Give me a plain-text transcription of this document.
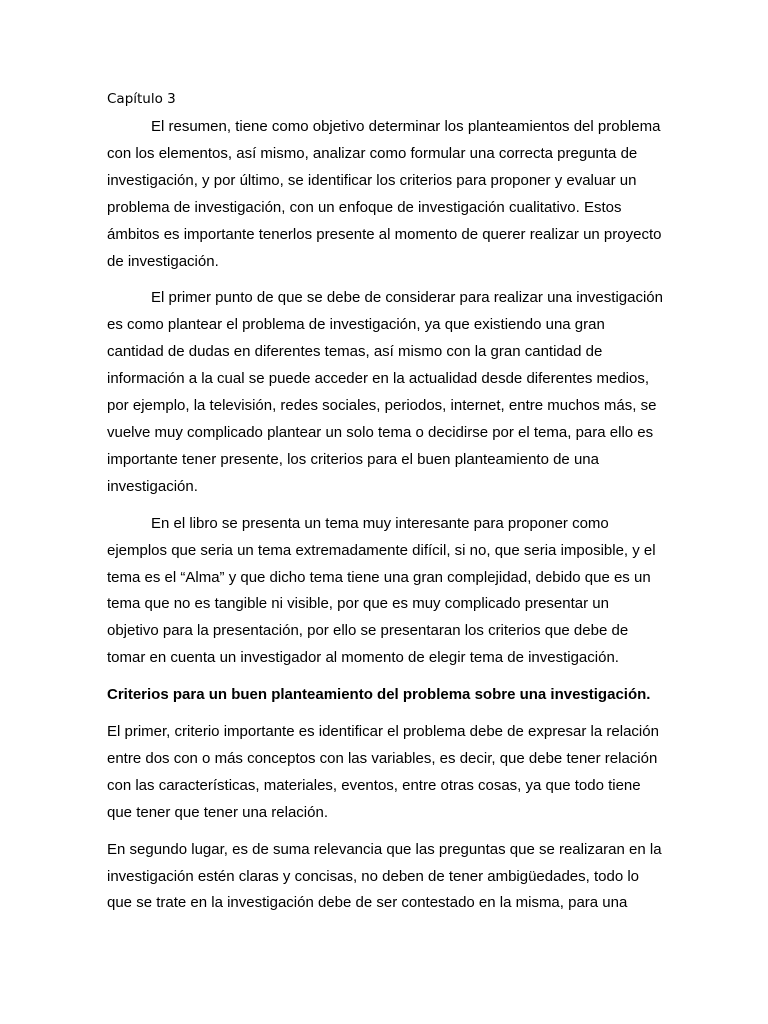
Capítulo 3

El resumen, tiene como objetivo determinar los planteamientos del problema con los elementos, así mismo, analizar como formular una correcta pregunta de investigación, y por último, se identificar los criterios para proponer y evaluar un problema de investigación, con un enfoque de investigación cualitativo. Estos ámbitos es importante tenerlos presente al momento de querer realizar un proyecto de investigación.

El primer punto de que se debe de considerar para realizar una investigación es como plantear el problema de investigación, ya que existiendo una gran cantidad de dudas en diferentes temas, así mismo con la gran cantidad de información a la cual se puede acceder en la actualidad desde diferentes medios, por ejemplo, la televisión, redes sociales, periodos, internet, entre muchos más, se vuelve muy complicado plantear un solo tema o decidirse por el tema, para ello es importante tener presente, los criterios para el buen planteamiento de una investigación.

En el libro se presenta un tema muy interesante para proponer como ejemplos que seria un tema extremadamente difícil, si no, que seria imposible, y el tema es el “Alma” y que dicho tema tiene una gran complejidad, debido que es un tema que no es tangible ni visible, por que es muy complicado presentar un objetivo para la presentación, por ello se presentaran los criterios que debe de tomar en cuenta un investigador al momento de elegir tema de investigación.

Criterios para un buen planteamiento del problema sobre una investigación.

El primer, criterio importante es identificar el problema debe de expresar la relación entre dos con o más conceptos con las variables, es decir, que debe tener relación con las características, materiales, eventos, entre otras cosas, ya que todo tiene que tener que tener una relación.

En segundo lugar, es de suma relevancia que las preguntas que se realizaran en la investigación estén claras y concisas, no deben de tener ambigüedades, todo lo que se trate en la investigación debe de ser contestado en la misma, para una
